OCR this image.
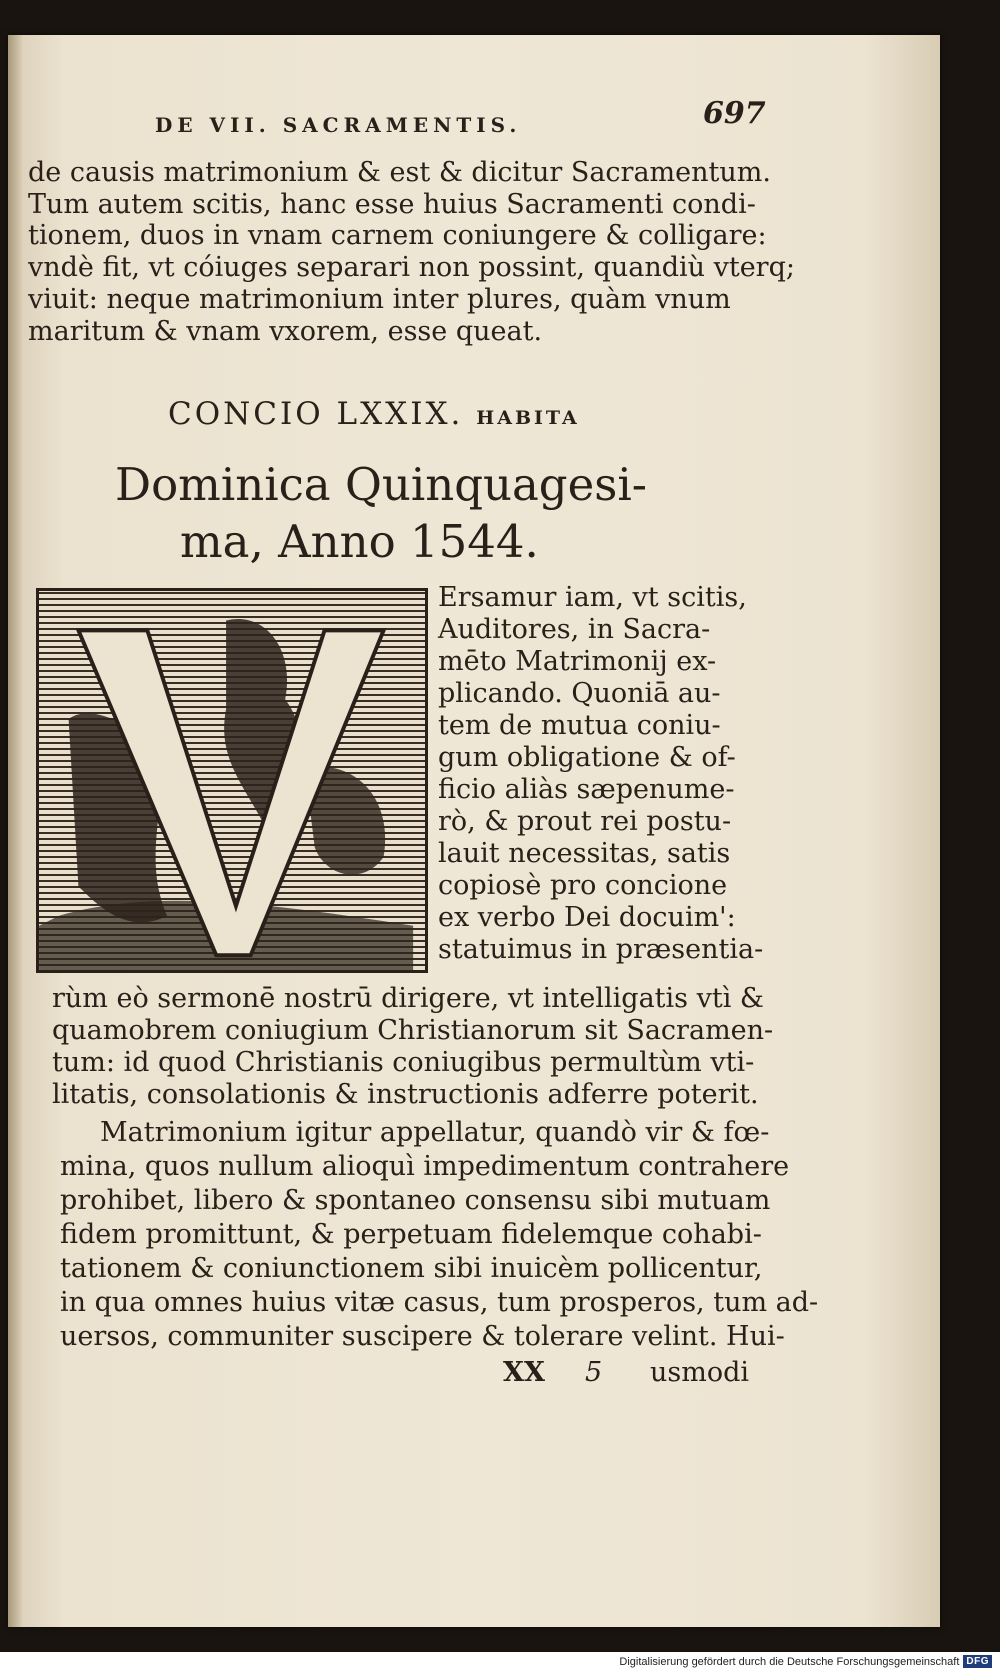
DE VII. SACRAMENTIS.	697
de causis matrimonium & est & dicitur Sacramentum.
Tum autem scitis, hanc esse huius Sacramenti condi-
tionem, duos in vnam carnem coniungere & colligare:
vndè fit, vt cóiuges separari non possint, quandiù vterq;
viuit: neque matrimonium inter plures, quàm vnum
maritum & vnam vxorem, esse queat.
CONCIO LXXIX. HABITA
Dominica Quinquagesi-
ma, Anno 1544.
V
Ersamur iam, vt scitis,
Auditores, in Sacra-
mēto Matrimonij ex-
plicando. Quoniā au-
tem de mutua coniu-
gum obligatione & of-
ficio aliàs sæpenume-
rò, & prout rei postu-
lauit necessitas, satis
copiosè pro concione
ex verbo Dei docuim':
statuimus in præsentia-
rùm eò sermonē nostrū dirigere, vt intelligatis vtì &
quamobrem coniugium Christianorum sit Sacramen-
tum: id quod Christianis coniugibus permultùm vti-
litatis, consolationis & instructionis adferre poterit.
Matrimonium igitur appellatur, quandò vir & fœ-
mina, quos nullum alioquì impedimentum contrahere
prohibet, libero & spontaneo consensu sibi mutuam
fidem promittunt, & perpetuam fidelemque cohabi-
tationem & coniunctionem sibi inuicèm pollicentur,
in qua omnes huius vitæ casus, tum prosperos, tum ad-
uersos, communiter suscipere & tolerare velint. Hui-
XX 5 usmodi
Digitalisierung gefördert durch die Deutsche Forschungsgemeinschaft DFG
